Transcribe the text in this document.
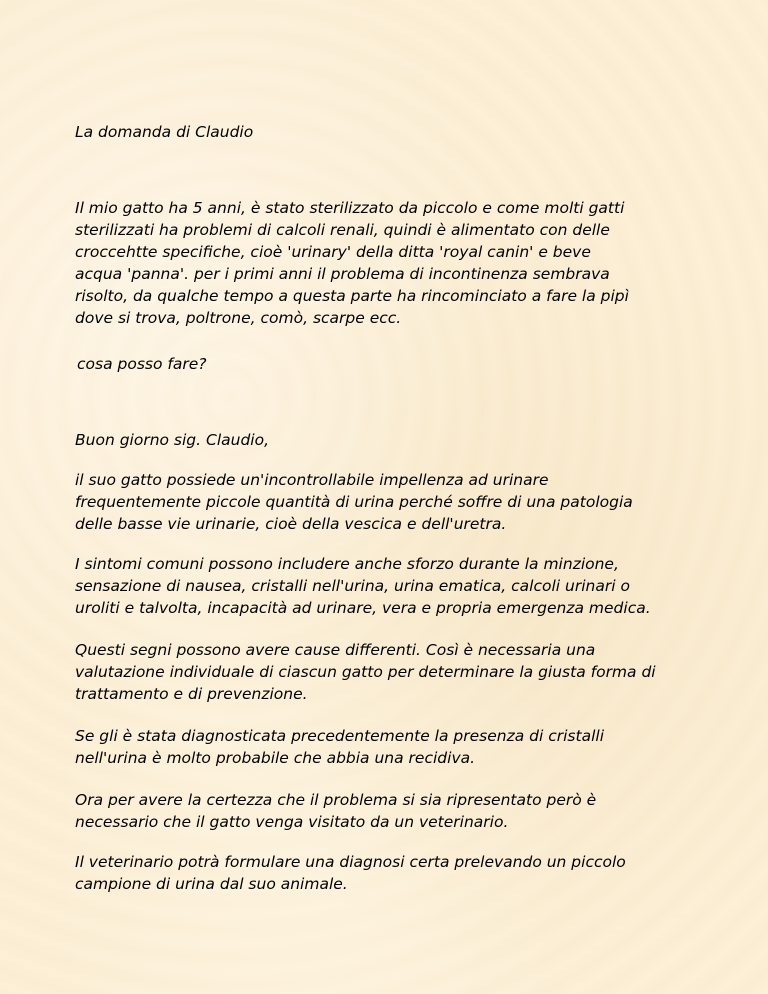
La domanda di Claudio

Il mio gatto ha 5 anni, è stato sterilizzato da piccolo e come molti gatti
sterilizzati ha problemi di calcoli renali, quindi è alimentato con delle
croccehtte specifiche, cioè 'urinary' della ditta 'royal canin' e beve
acqua 'panna'. per i primi anni il problema di incontinenza sembrava
risolto, da qualche tempo a questa parte ha rincominciato a fare la pipì
dove si trova, poltrone, comò, scarpe ecc.

cosa posso fare?

Buon giorno sig. Claudio,

il suo gatto possiede un'incontrollabile impellenza ad urinare
frequentemente piccole quantità di urina perché soffre di una patologia
delle basse vie urinarie, cioè della vescica e dell'uretra.

I sintomi comuni possono includere anche sforzo durante la minzione,
sensazione di nausea, cristalli nell'urina, urina ematica, calcoli urinari o
uroliti e talvolta, incapacità ad urinare, vera e propria emergenza medica.

Questi segni possono avere cause differenti. Così è necessaria una
valutazione individuale di ciascun gatto per determinare la giusta forma di
trattamento e di prevenzione.

Se gli è stata diagnosticata precedentemente la presenza di cristalli
nell'urina è molto probabile che abbia una recidiva.

Ora per avere la certezza che il problema si sia ripresentato però è
necessario che il gatto venga visitato da un veterinario.

Il veterinario potrà formulare una diagnosi certa prelevando un piccolo
campione di urina dal suo animale.
